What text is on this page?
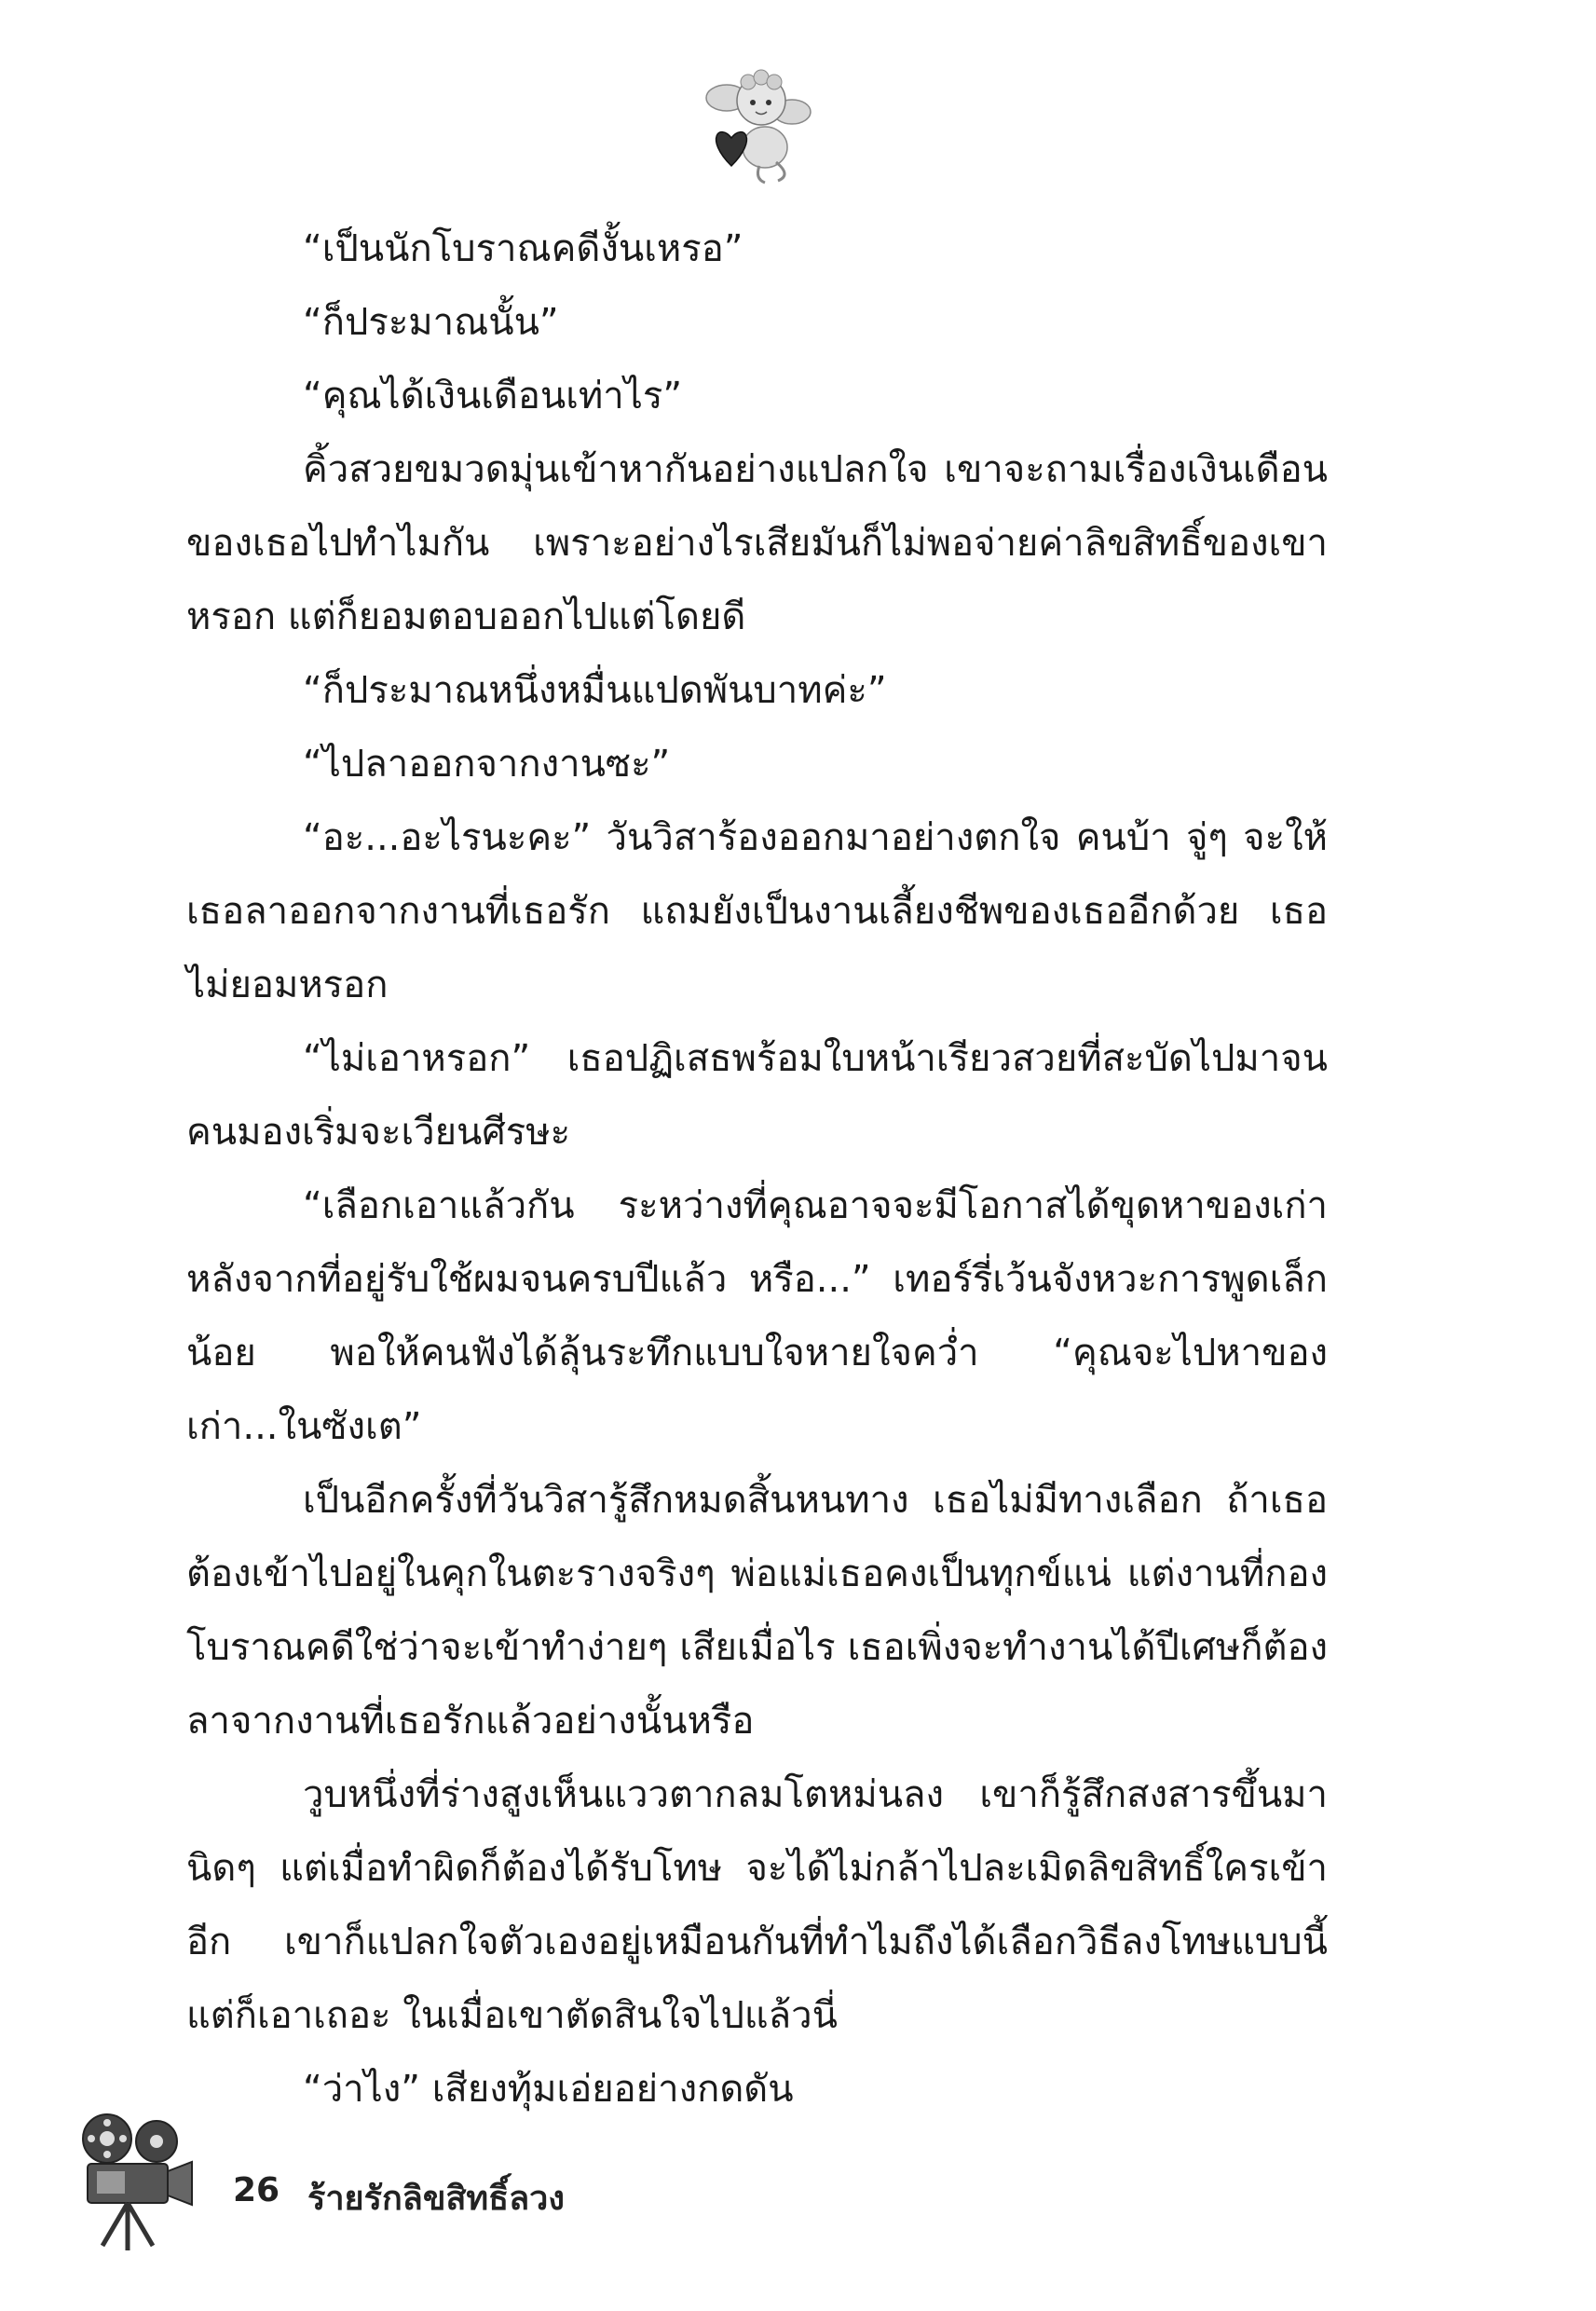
“เป็นนักโบราณคดีงั้นเหรอ”

“ก็ประมาณนั้น”

“คุณได้เงินเดือนเท่าไร”

คิ้วสวยขมวดมุ่นเข้าหากันอย่างแปลกใจ เขาจะถามเรื่องเงินเดือนของเธอไปทำไมกัน เพราะอย่างไรเสียมันก็ไม่พอจ่ายค่าลิขสิทธิ์ของเขาหรอก แต่ก็ยอมตอบออกไปแต่โดยดี

“ก็ประมาณหนึ่งหมื่นแปดพันบาทค่ะ”

“ไปลาออกจากงานซะ”

“อะ...อะไรนะคะ” วันวิสาร้องออกมาอย่างตกใจ คนบ้า จู่ๆ จะให้เธอลาออกจากงานที่เธอรัก แถมยังเป็นงานเลี้ยงชีพของเธออีกด้วย เธอไม่ยอมหรอก

“ไม่เอาหรอก” เธอปฏิเสธพร้อมใบหน้าเรียวสวยที่สะบัดไปมาจนคนมองเริ่มจะเวียนศีรษะ

“เลือกเอาแล้วกัน ระหว่างที่คุณอาจจะมีโอกาสได้ขุดหาของเก่าหลังจากที่อยู่รับใช้ผมจนครบปีแล้ว หรือ...” เทอร์รี่เว้นจังหวะการพูดเล็กน้อย พอให้คนฟังได้ลุ้นระทึกแบบใจหายใจคว่ำ “คุณจะไปหาของเก่า...ในซังเต”

เป็นอีกครั้งที่วันวิสารู้สึกหมดสิ้นหนทาง เธอไม่มีทางเลือก ถ้าเธอต้องเข้าไปอยู่ในคุกในตะรางจริงๆ พ่อแม่เธอคงเป็นทุกข์แน่ แต่งานที่กองโบราณคดีใช่ว่าจะเข้าทำง่ายๆ เสียเมื่อไร เธอเพิ่งจะทำงานได้ปีเศษก็ต้องลาจากงานที่เธอรักแล้วอย่างนั้นหรือ

วูบหนึ่งที่ร่างสูงเห็นแววตากลมโตหม่นลง เขาก็รู้สึกสงสารขึ้นมานิดๆ แต่เมื่อทำผิดก็ต้องได้รับโทษ จะได้ไม่กล้าไปละเมิดลิขสิทธิ์ใครเข้าอีก เขาก็แปลกใจตัวเองอยู่เหมือนกันที่ทำไมถึงได้เลือกวิธีลงโทษแบบนี้ แต่ก็เอาเถอะ ในเมื่อเขาตัดสินใจไปแล้วนี่

“ว่าไง” เสียงทุ้มเอ่ยอย่างกดดัน

26 ร้ายรักลิขสิทธิ์ลวง
